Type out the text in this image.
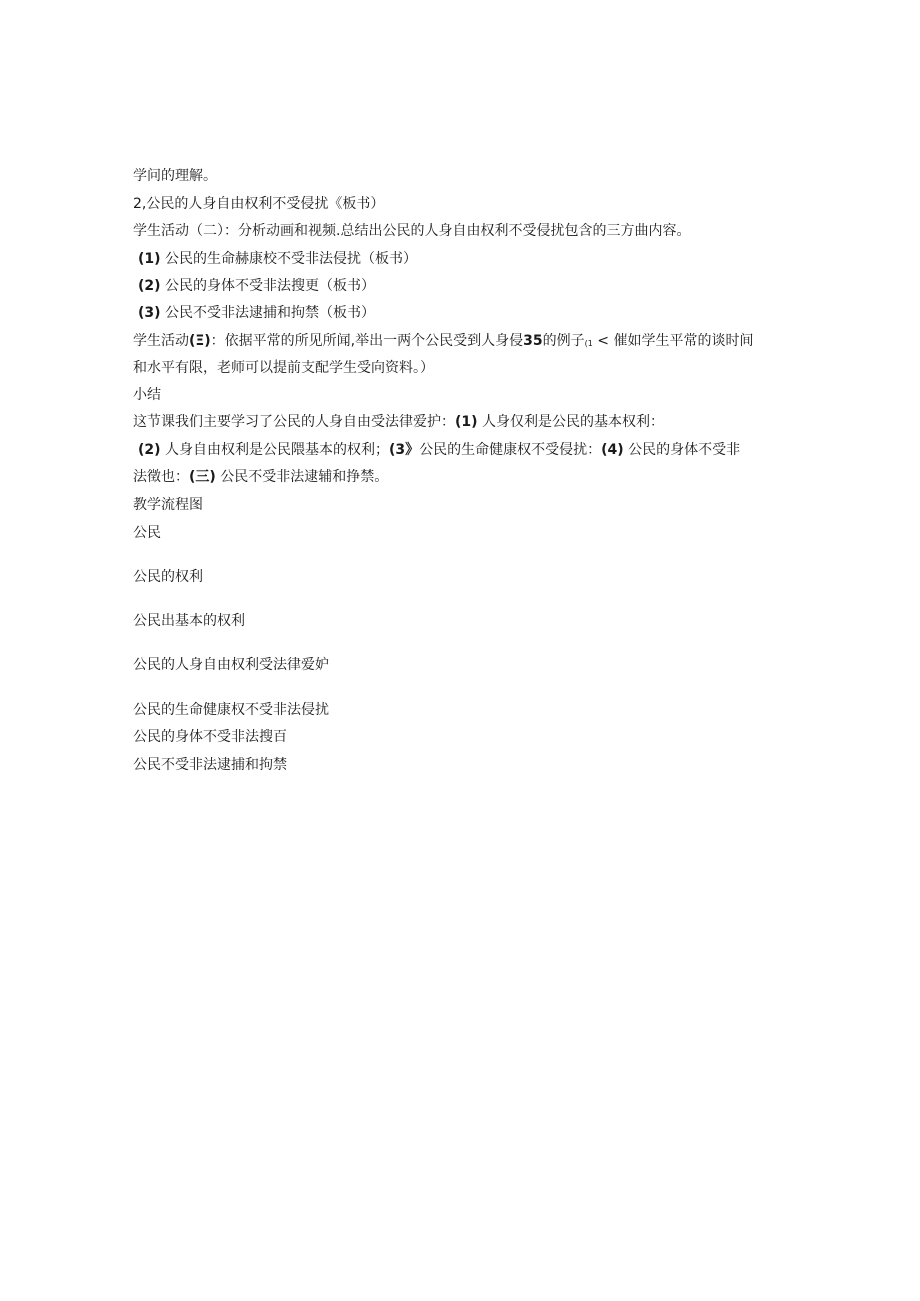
学问的理解。
2,公民的人身自由权利不受侵扰《板书）
学生活动（二）：分析动画和视频.总结出公民的人身自由权利不受侵扰包含的三方曲内容。
(1) 公民的生命赫康校不受非法侵扰（板书）
(2) 公民的身体不受非法搜更（板书）
(3) 公民不受非法逮捕和拘禁（板书）
学生活动(Ξ)：依据平常的所见所闻,举出一两个公民受到人身侵35的例子(1 < 催如学生平常的谈时间
和水平有限，老师可以提前支配学生受向资料。）
小结
这节课我们主要学习了公民的人身自由受法律爱护：(1) 人身仅利是公民的基本权利：
(2) 人身自由权利是公民隈基本的权利；(3》公民的生命健康权不受侵扰：(4) 公民的身体不受非
法徵也：(三) 公民不受非法逮辅和挣禁。
教学流程图
公民
公民的权利
公民出基本的权利
公民的人身自由权利受法律爱妒
公民的生命健康权不受非法侵扰
公民的身体不受非法搜百
公民不受非法逮捕和拘禁
